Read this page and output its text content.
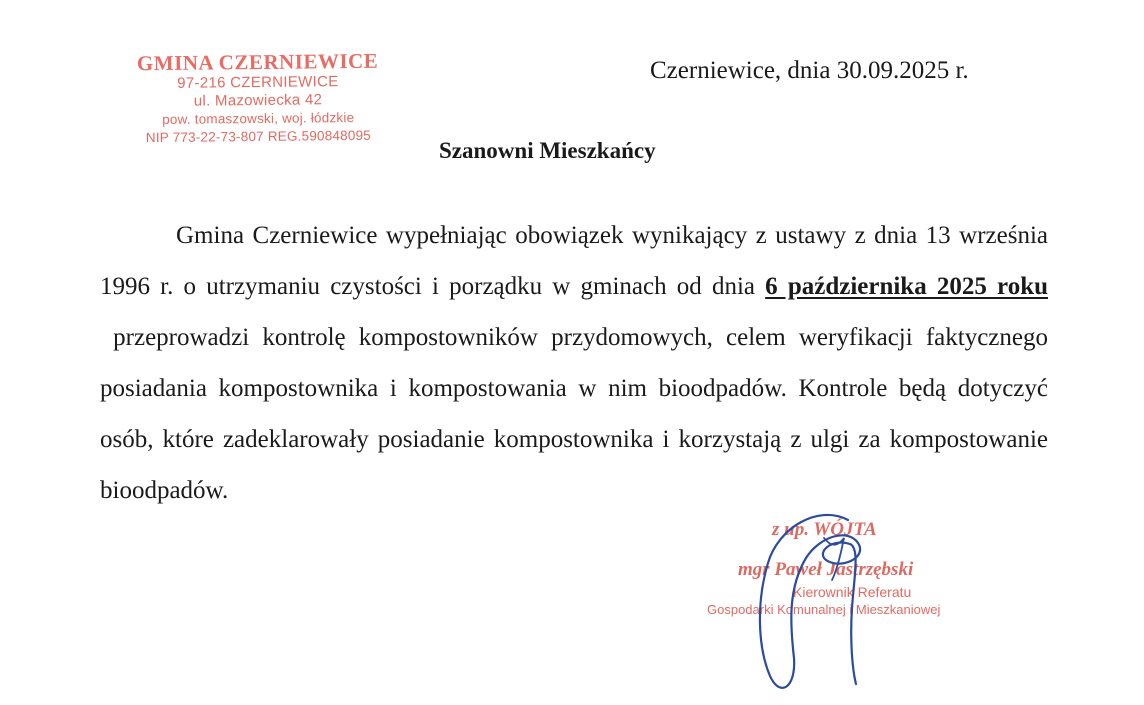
GMINA CZERNIEWICE
97-216 CZERNIEWICE
ul. Mazowiecka 42
pow. tomaszowski, woj. łódzkie
NIP 773-22-73-807 REG.590848095
Czerniewice, dnia 30.09.2025 r.
Szanowni Mieszkańcy

Gmina Czerniewice wypełniając obowiązek wynikający z ustawy z dnia 13 września 1996 r. o utrzymaniu czystości i porządku w gminach od dnia 6 października 2025 roku  przeprowadzi kontrolę kompostowników przydomowych, celem weryfikacji faktycznego posiadania kompostownika i kompostowania w nim bioodpadów. Kontrole będą dotyczyć osób, które zadeklarowały posiadanie kompostownika i korzystają z ulgi za kompostowanie bioodpadów.

z up. WÓJTA
mgr Paweł Jastrzębski
Kierownik Referatu
Gospodarki Komunalnej i Mieszkaniowej
